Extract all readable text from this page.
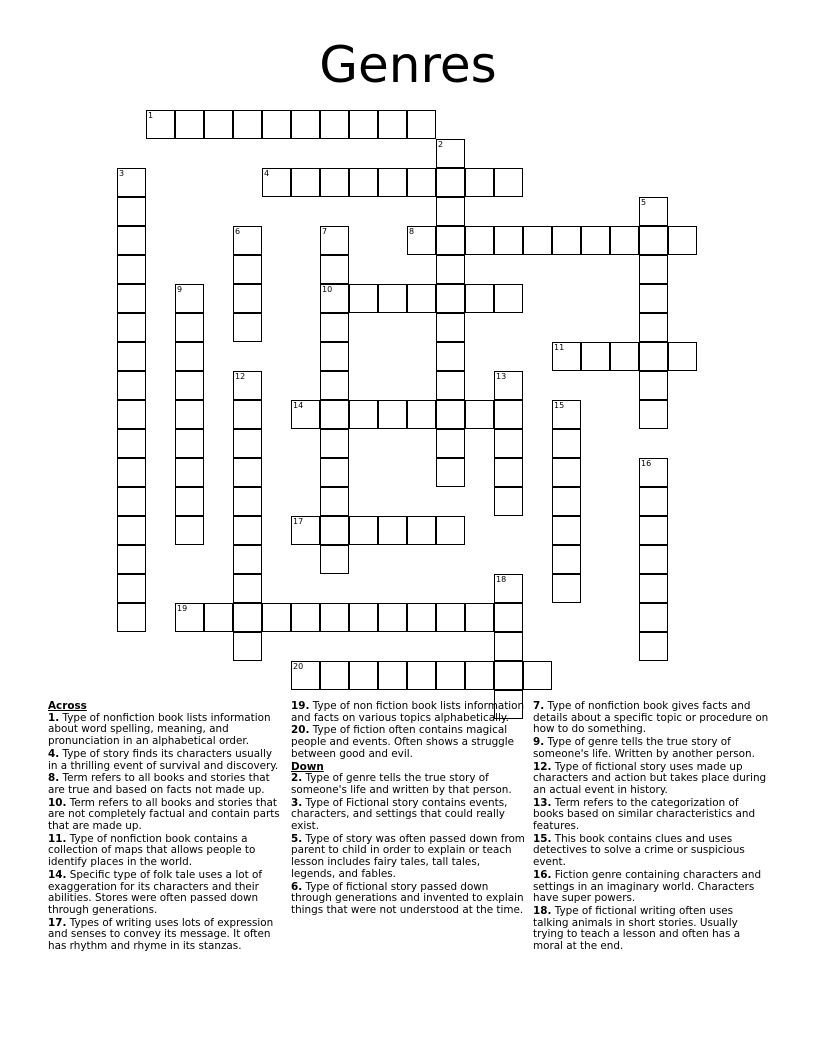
Genres
1
2
3	4
5
6	7
10
8
9
11
12	13
14	15
16
17
18
19
20
Across
1. Type of nonfiction book lists information about word spelling, meaning, and pronunciation in an alphabetical order.
4. Type of story finds its characters usually in a thrilling event of survival and discovery.
8. Term refers to all books and stories that are true and based on facts not made up.
10. Term refers to all books and stories that are not completely factual and contain parts that are made up.
11. Type of nonfiction book contains a collection of maps that allows people to identify places in the world.
14. Specific type of folk tale uses a lot of exaggeration for its characters and their abilities. Stores were often passed down through generations.
17. Types of writing uses lots of expression and senses to convey its message. It often has rhythm and rhyme in its stanzas.
19. Type of non fiction book lists information and facts on various topics alphabetically.
20. Type of fiction often contains magical people and events. Often shows a struggle between good and evil.
Down
2. Type of genre tells the true story of someone's life and written by that person.
3. Type of Fictional story contains events, characters, and settings that could really exist.
5. Type of story was often passed down from parent to child in order to explain or teach lesson includes fairy tales, tall tales, legends, and fables.
6. Type of fictional story passed down through generations and invented to explain things that were not understood at the time.
7. Type of nonfiction book gives facts and details about a specific topic or procedure on how to do something.
9. Type of genre tells the true story of someone's life. Written by another person.
12. Type of fictional story uses made up characters and action but takes place during an actual event in history.
13. Term refers to the categorization of books based on similar characteristics and features.
15. This book contains clues and uses detectives to solve a crime or suspicious event.
16. Fiction genre containing characters and settings in an imaginary world. Characters have super powers.
18. Type of fictional writing often uses talking animals in short stories. Usually trying to teach a lesson and often has a moral at the end.
